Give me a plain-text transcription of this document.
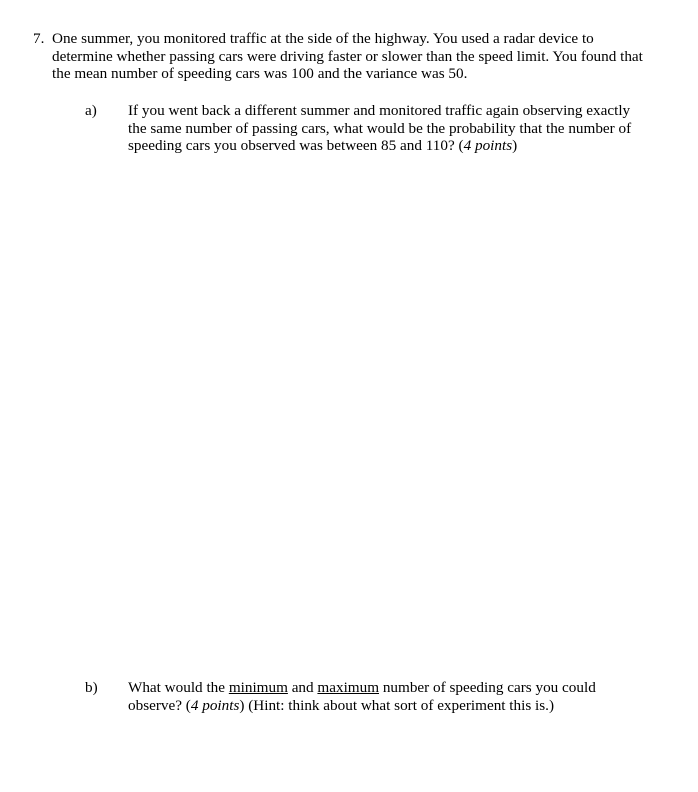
7. One summer, you monitored traffic at the side of the highway. You used a radar device to determine whether passing cars were driving faster or slower than the speed limit. You found that the mean number of speeding cars was 100 and the variance was 50.
a) If you went back a different summer and monitored traffic again observing exactly the same number of passing cars, what would be the probability that the number of speeding cars you observed was between 85 and 110? (4 points)
b) What would the minimum and maximum number of speeding cars you could observe? (4 points) (Hint: think about what sort of experiment this is.)
